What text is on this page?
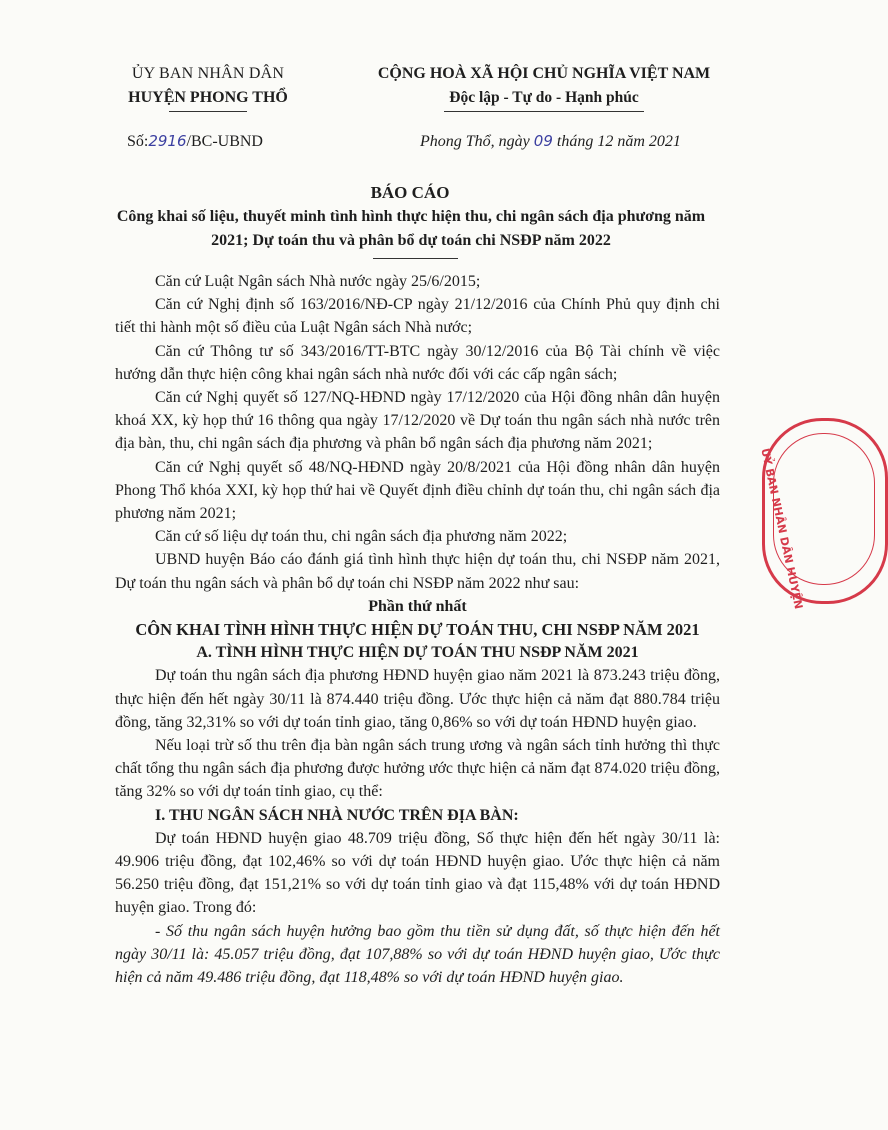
ỦY BAN NHÂN DÂN
HUYỆN PHONG THỔ
CỘNG HOÀ XÃ HỘI CHỦ NGHĨA VIỆT NAM
Độc lập - Tự do - Hạnh phúc
Số:2916/BC-UBND	Phong Thổ, ngày 09 tháng 12 năm 2021
BÁO CÁO
Công khai số liệu, thuyết minh tình hình thực hiện thu, chi ngân sách địa phương năm 2021; Dự toán thu và phân bổ dự toán chi NSĐP năm 2022

Căn cứ Luật Ngân sách Nhà nước ngày 25/6/2015;

Căn cứ Nghị định số 163/2016/NĐ-CP ngày 21/12/2016 của Chính Phủ quy định chi tiết thi hành một số điều của Luật Ngân sách Nhà nước;

Căn cứ Thông tư số 343/2016/TT-BTC ngày 30/12/2016 của Bộ Tài chính về việc hướng dẫn thực hiện công khai ngân sách nhà nước đối với các cấp ngân sách;

Căn cứ Nghị quyết số 127/NQ-HĐND ngày 17/12/2020 của Hội đồng nhân dân huyện khoá XX, kỳ họp thứ 16 thông qua ngày 17/12/2020 về Dự toán thu ngân sách nhà nước trên địa bàn, thu, chi ngân sách địa phương và phân bổ ngân sách địa phương năm 2021;

Căn cứ Nghị quyết số 48/NQ-HĐND ngày 20/8/2021 của Hội đồng nhân dân huyện Phong Thổ khóa XXI, kỳ họp thứ hai về Quyết định điều chỉnh dự toán thu, chi ngân sách địa phương năm 2021;

Căn cứ số liệu dự toán thu, chi ngân sách địa phương năm 2022;

UBND huyện Báo cáo đánh giá tình hình thực hiện dự toán thu, chi NSĐP năm 2021, Dự toán thu ngân sách và phân bổ dự toán chi NSĐP năm 2022 như sau:

Phần thứ nhất

CÔN KHAI TÌNH HÌNH THỰC HIỆN DỰ TOÁN THU, CHI NSĐP NĂM 2021

A. TÌNH HÌNH THỰC HIỆN DỰ TOÁN THU NSĐP NĂM 2021

Dự toán thu ngân sách địa phương HĐND huyện giao năm 2021 là 873.243 triệu đồng, thực hiện đến hết ngày 30/11 là 874.440 triệu đồng. Ước thực hiện cả năm đạt 880.784 triệu đồng, tăng 32,31% so với dự toán tỉnh giao, tăng 0,86% so với dự toán HĐND huyện giao.

Nếu loại trừ số thu trên địa bàn ngân sách trung ương và ngân sách tỉnh hưởng thì thực chất tổng thu ngân sách địa phương được hưởng ước thực hiện cả năm đạt 874.020 triệu đồng, tăng 32% so với dự toán tỉnh giao, cụ thể:

I. THU NGÂN SÁCH NHÀ NƯỚC TRÊN ĐỊA BÀN:

Dự toán HĐND huyện giao 48.709 triệu đồng, Số thực hiện đến hết ngày 30/11 là: 49.906 triệu đồng, đạt 102,46% so với dự toán HĐND huyện giao. Ước thực hiện cả năm 56.250 triệu đồng, đạt 151,21% so với dự toán tỉnh giao và đạt 115,48% với dự toán HĐND huyện giao. Trong đó:

- Số thu ngân sách huyện hưởng bao gồm thu tiền sử dụng đất, số thực hiện đến hết ngày 30/11 là: 45.057 triệu đồng, đạt 107,88% so với dự toán HĐND huyện giao, Ước thực hiện cả năm 49.486 triệu đồng, đạt 118,48% so với dự toán HĐND huyện giao.

UỶ BAN NHÂN DÂN HUYỆN
